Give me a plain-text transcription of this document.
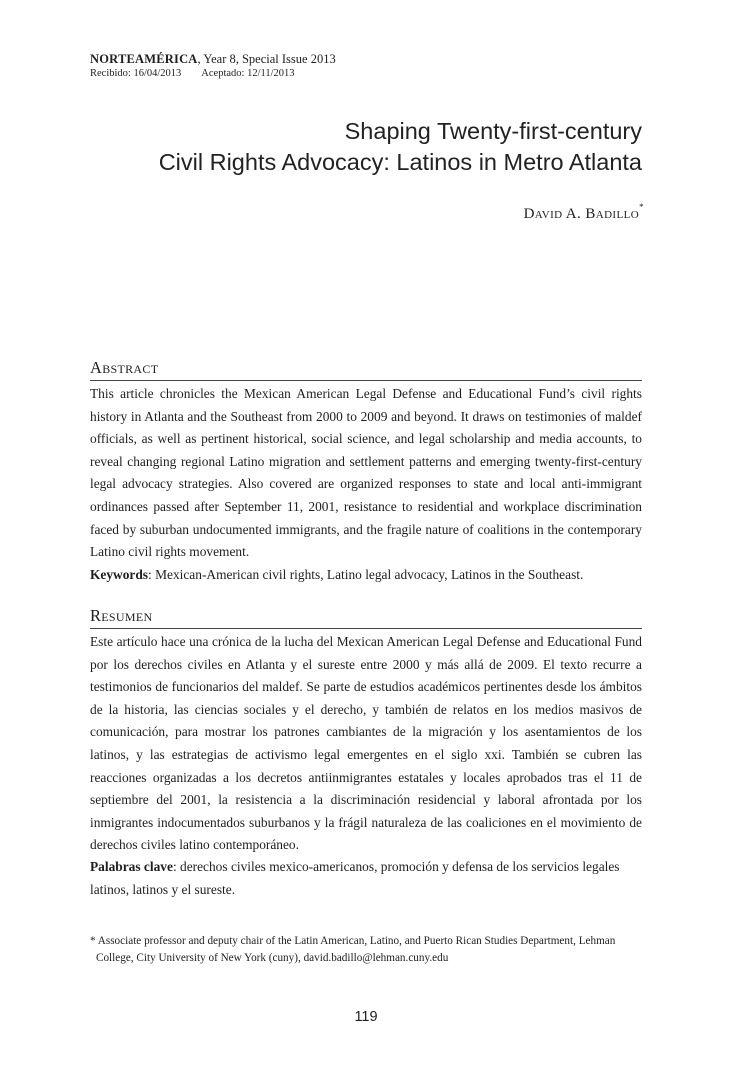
NORTEAMÉRICA, Year 8, Special Issue 2013
Recibido: 16/04/2013 Aceptado: 12/11/2013
Shaping Twenty-first-century
Civil Rights Advocacy: Latinos in Metro Atlanta
David A. Badillo*
Abstract

This article chronicles the Mexican American Legal Defense and Educational Fund’s civil rights history in Atlanta and the Southeast from 2000 to 2009 and beyond. It draws on testimonies of maldef officials, as well as pertinent historical, social science, and legal scholarship and media accounts, to reveal changing regional Latino migration and settlement patterns and emerging twenty-first-century legal advocacy strategies. Also covered are organized responses to state and local anti-immigrant ordinances passed after September 11, 2001, resistance to residential and workplace discrimination faced by suburban undocumented immigrants, and the fragile nature of coalitions in the contemporary Latino civil rights movement.

Keywords: Mexican-American civil rights, Latino legal advocacy, Latinos in the Southeast.
Resumen

Este artículo hace una crónica de la lucha del Mexican American Legal Defense and Educational Fund por los derechos civiles en Atlanta y el sureste entre 2000 y más allá de 2009. El texto recurre a testimonios de funcionarios del maldef. Se parte de estudios académicos pertinentes desde los ámbitos de la historia, las ciencias sociales y el derecho, y también de relatos en los medios masivos de comunicación, para mostrar los patrones cambiantes de la migración y los asentamientos de los latinos, y las estrategias de activismo legal emergentes en el siglo xxi. También se cubren las reacciones organizadas a los decretos antiinmigrantes estatales y locales aprobados tras el 11 de septiembre del 2001, la resistencia a la discriminación residencial y laboral afrontada por los inmigrantes indocumentados suburbanos y la frágil naturaleza de las coaliciones en el movimiento de derechos civiles latino contemporáneo.

Palabras clave: derechos civiles mexico-americanos, promoción y defensa de los servicios legales latinos, latinos y el sureste.
* Associate professor and deputy chair of the Latin American, Latino, and Puerto Rican Studies Department, Lehman College, City University of New York (cuny), david.badillo@lehman.cuny.edu
119
